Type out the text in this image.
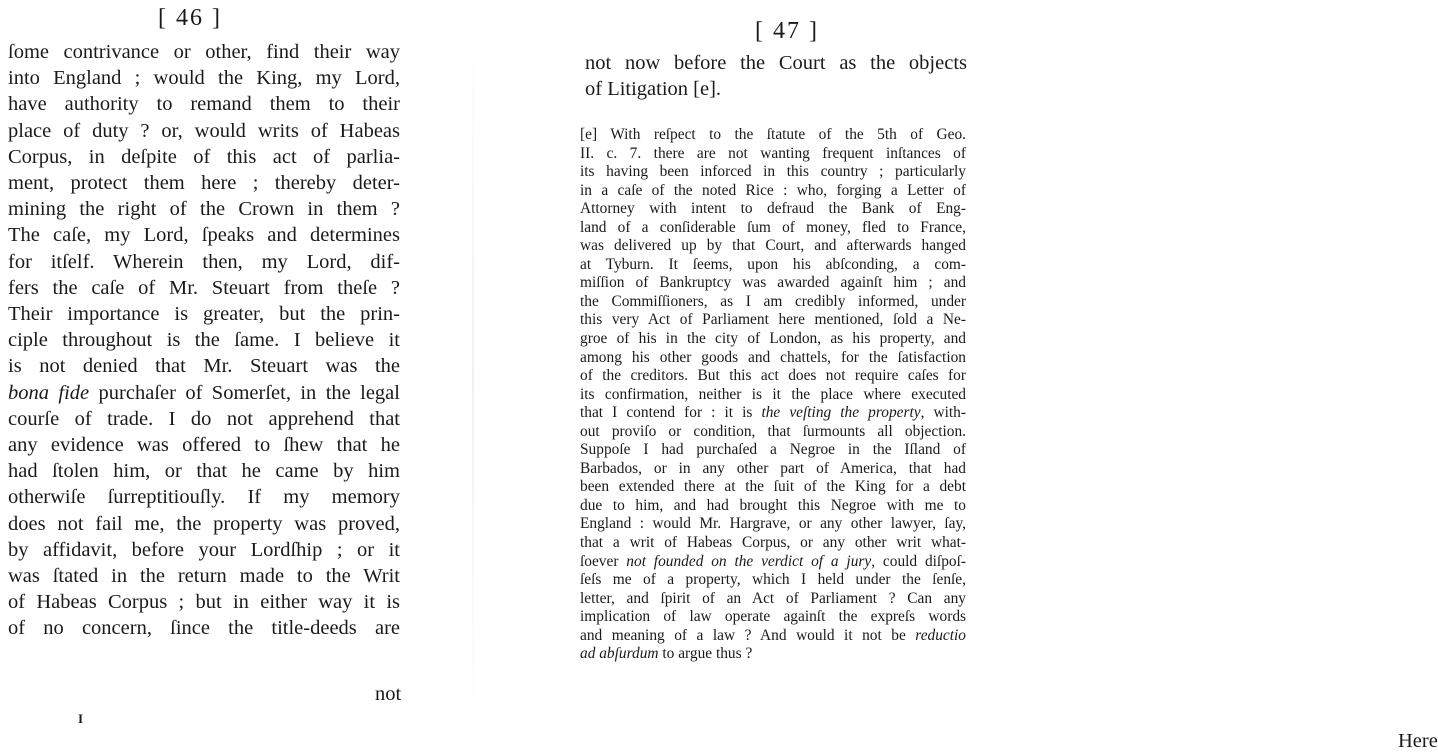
[ 46 ]
ſome contrivance or other, find their way
into England ; would the King, my Lord,
have authority to remand them to their
place of duty ? or, would writs of Habeas
Corpus, in deſpite of this act of parlia-
ment, protect them here ; thereby deter-
mining the right of the Crown in them ?
The caſe, my Lord, ſpeaks and determines
for itſelf. Wherein then, my Lord, dif-
fers the caſe of Mr. Steuart from theſe ?
Their importance is greater, but the prin-
ciple throughout is the ſame. I believe it
is not denied that Mr. Steuart was the
bona fide purchaſer of Somerſet, in the legal
courſe of trade. I do not apprehend that
any evidence was offered to ſhew that he
had ſtolen him, or that he came by him
otherwiſe ſurreptitiouſly. If my memory
does not fail me, the property was proved,
by affidavit, before your Lordſhip ; or it
was ſtated in the return made to the Writ
of Habeas Corpus ; but in either way it is
of no concern, ſince the title-deeds are
not
I
[ 47 ]
not now before the Court as the objects
of Litigation [e].
[e] With reſpect to the ſtatute of the 5th of Geo.
II. c. 7. there are not wanting frequent inſtances of
its having been inforced in this country ; particularly
in a caſe of the noted Rice : who, forging a Letter of
Attorney with intent to defraud the Bank of Eng-
land of a conſiderable ſum of money, fled to France,
was delivered up by that Court, and afterwards hanged
at Tyburn. It ſeems, upon his abſconding, a com-
miſſion of Bankruptcy was awarded againſt him ; and
the Commiſſioners, as I am credibly informed, under
this very Act of Parliament here mentioned, ſold a Ne-
groe of his in the city of London, as his property, and
among his other goods and chattels, for the ſatisfaction
of the creditors. But this act does not require caſes for
its confirmation, neither is it the place where executed
that I contend for : it is the veſting the property, with-
out proviſo or condition, that ſurmounts all objection.
Suppoſe I had purchaſed a Negroe in the Iſland of
Barbados, or in any other part of America, that had
been extended there at the ſuit of the King for a debt
due to him, and had brought this Negroe with me to
England : would Mr. Hargrave, or any other lawyer, ſay,
that a writ of Habeas Corpus, or any other writ what-
ſoever not founded on the verdict of a jury, could diſpoſ-
ſeſs me of a property, which I held under the ſenſe,
letter, and ſpirit of an Act of Parliament ? Can any
implication of law operate againſt the expreſs words
and meaning of a law ? And would it not be reductio
ad abſurdum to argue thus ?
Here
